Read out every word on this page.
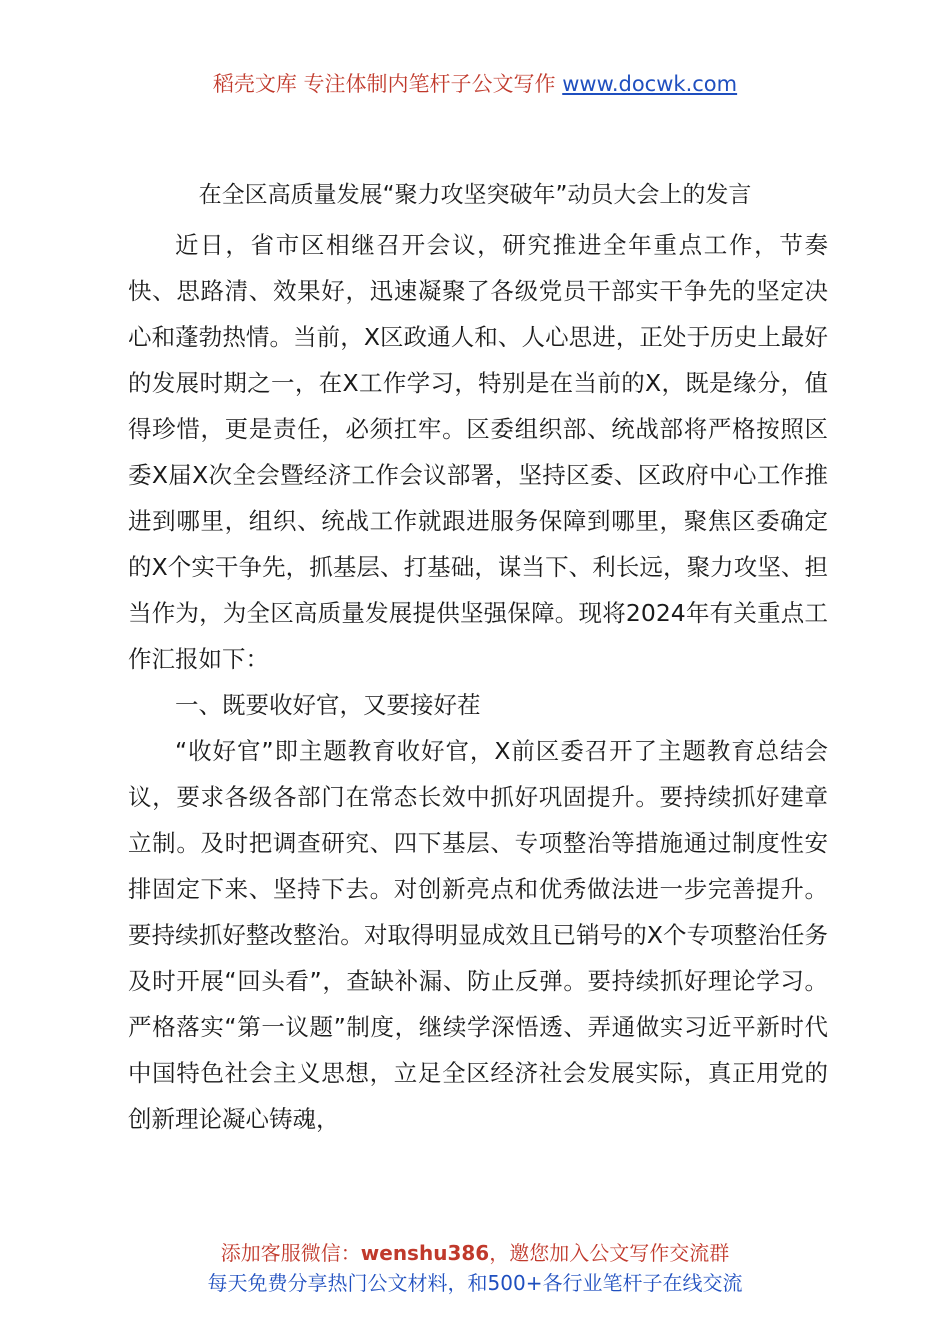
稻壳文库 专注体制内笔杆子公文写作 www.docwk.com
在全区高质量发展“聚力攻坚突破年”动员大会上的发言

近日，省市区相继召开会议，研究推进全年重点工作，节奏快、思路清、效果好，迅速凝聚了各级党员干部实干争先的坚定决心和蓬勃热情。当前，X区政通人和、人心思进，正处于历史上最好的发展时期之一，在X工作学习，特别是在当前的X，既是缘分，值得珍惜，更是责任，必须扛牢。区委组织部、统战部将严格按照区委X届X次全会暨经济工作会议部署，坚持区委、区政府中心工作推进到哪里，组织、统战工作就跟进服务保障到哪里，聚焦区委确定的X个实干争先，抓基层、打基础，谋当下、利长远，聚力攻坚、担当作为，为全区高质量发展提供坚强保障。现将2024年有关重点工作汇报如下：

一、既要收好官，又要接好茬

“收好官”即主题教育收好官，X前区委召开了主题教育总结会议，要求各级各部门在常态长效中抓好巩固提升。要持续抓好建章立制。及时把调查研究、四下基层、专项整治等措施通过制度性安排固定下来、坚持下去。对创新亮点和优秀做法进一步完善提升。要持续抓好整改整治。对取得明显成效且已销号的X个专项整治任务及时开展“回头看”，查缺补漏、防止反弹。要持续抓好理论学习。严格落实“第一议题”制度，继续学深悟透、弄通做实习近平新时代中国特色社会主义思想，立足全区经济社会发展实际，真正用党的创新理论凝心铸魂，

添加客服微信：wenshu386，邀您加入公文写作交流群
每天免费分享热门公文材料，和500+各行业笔杆子在线交流
